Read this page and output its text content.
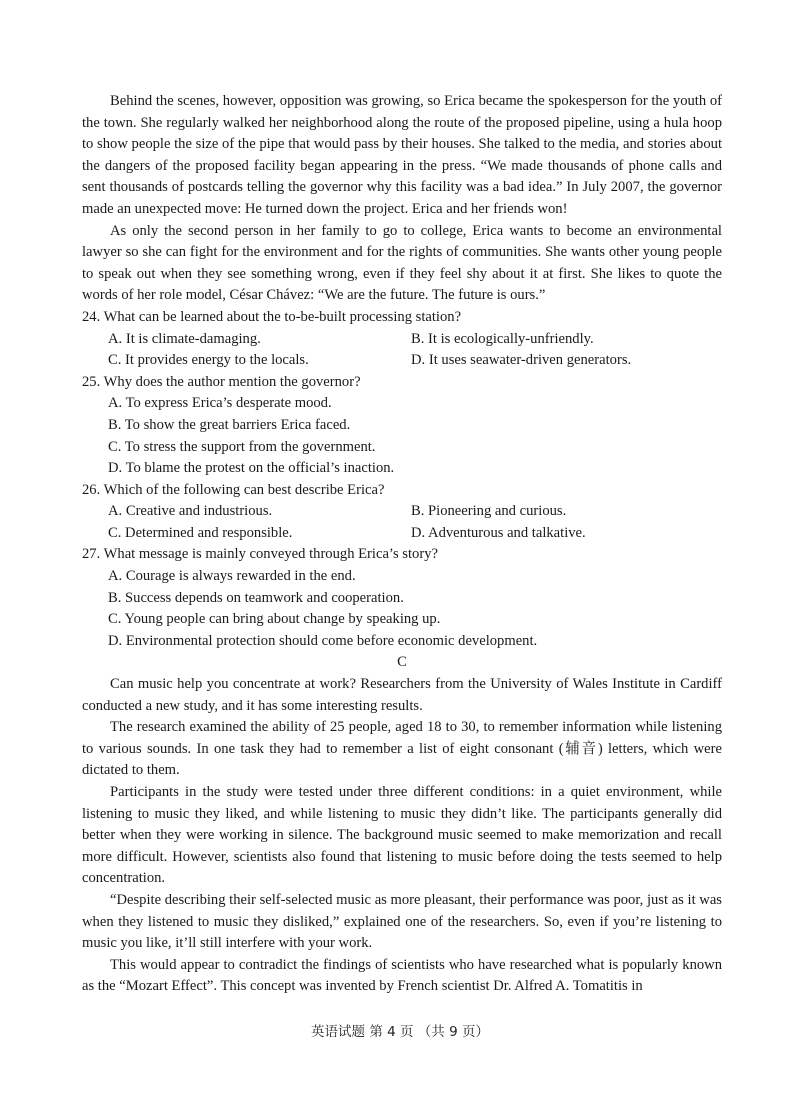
Behind the scenes, however, opposition was growing, so Erica became the spokesperson for the youth of the town. She regularly walked her neighborhood along the route of the proposed pipeline, using a hula hoop to show people the size of the pipe that would pass by their houses. She talked to the media, and stories about the dangers of the proposed facility began appearing in the press. “We made thousands of phone calls and sent thousands of postcards telling the governor why this facility was a bad idea.” In July 2007, the governor made an unexpected move: He turned down the project. Erica and her friends won!

As only the second person in her family to go to college, Erica wants to become an environmental lawyer so she can fight for the environment and for the rights of communities. She wants other young people to speak out when they see something wrong, even if they feel shy about it at first. She likes to quote the words of her role model, César Chávez: “We are the future. The future is ours.”

24. What can be learned about the to-be-built processing station?
A. It is climate-damaging.	B. It is ecologically-unfriendly.
C. It provides energy to the locals.	D. It uses seawater-driven generators.
25. Why does the author mention the governor?
A. To express Erica’s desperate mood.
B. To show the great barriers Erica faced.
C. To stress the support from the government.
D. To blame the protest on the official’s inaction.
26. Which of the following can best describe Erica?
A. Creative and industrious.	B. Pioneering and curious.
C. Determined and responsible.	D. Adventurous and talkative.
27. What message is mainly conveyed through Erica’s story?
A. Courage is always rewarded in the end.
B. Success depends on teamwork and cooperation.
C. Young people can bring about change by speaking up.
D. Environmental protection should come before economic development.
C

Can music help you concentrate at work? Researchers from the University of Wales Institute in Cardiff conducted a new study, and it has some interesting results.

The research examined the ability of 25 people, aged 18 to 30, to remember information while listening to various sounds. In one task they had to remember a list of eight consonant (辅音) letters, which were dictated to them.

Participants in the study were tested under three different conditions: in a quiet environment, while listening to music they liked, and while listening to music they didn’t like. The participants generally did better when they were working in silence. The background music seemed to make memorization and recall more difficult. However, scientists also found that listening to music before doing the tests seemed to help concentration.

“Despite describing their self-selected music as more pleasant, their performance was poor, just as it was when they listened to music they disliked,” explained one of the researchers. So, even if you’re listening to music you like, it’ll still interfere with your work.

This would appear to contradict the findings of scientists who have researched what is popularly known as the “Mozart Effect”. This concept was invented by French scientist Dr. Alfred A. Tomatitis in

英语试题 第 4 页 （共 9 页）
